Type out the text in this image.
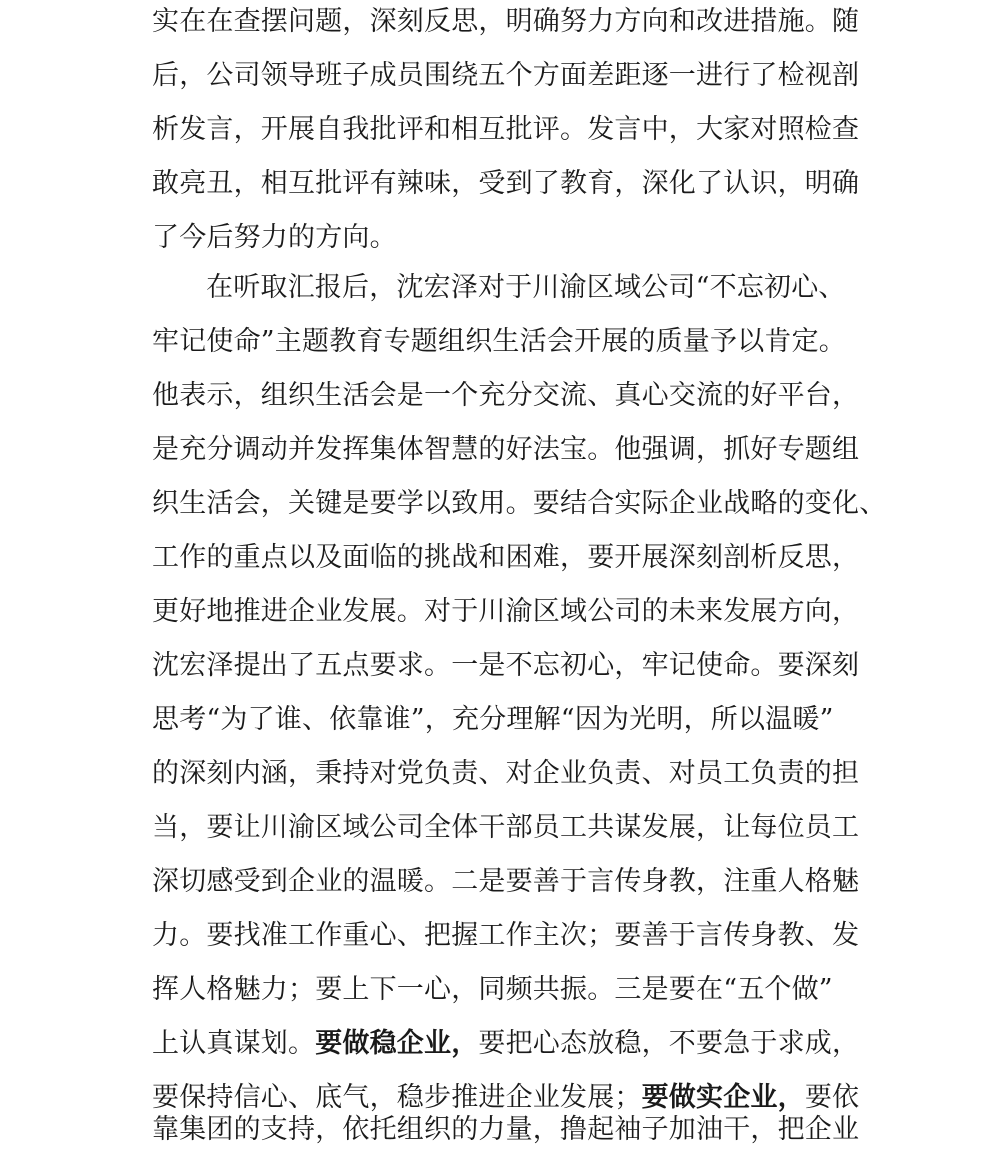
实在在查摆问题，深刻反思，明确努力方向和改进措施。随
后，公司领导班子成员围绕五个方面差距逐一进行了检视剖
析发言，开展自我批评和相互批评。发言中，大家对照检查
敢亮丑，相互批评有辣味，受到了教育，深化了认识，明确
了今后努力的方向。
在听取汇报后，沈宏泽对于川渝区域公司“不忘初心、
牢记使命”主题教育专题组织生活会开展的质量予以肯定。
他表示，组织生活会是一个充分交流、真心交流的好平台，
是充分调动并发挥集体智慧的好法宝。他强调，抓好专题组
织生活会，关键是要学以致用。要结合实际企业战略的变化、
工作的重点以及面临的挑战和困难，要开展深刻剖析反思，
更好地推进企业发展。对于川渝区域公司的未来发展方向，
沈宏泽提出了五点要求。一是不忘初心，牢记使命。要深刻
思考“为了谁、依靠谁”，充分理解“因为光明，所以温暖”
的深刻内涵，秉持对党负责、对企业负责、对员工负责的担
当，要让川渝区域公司全体干部员工共谋发展，让每位员工
深切感受到企业的温暖。二是要善于言传身教，注重人格魅
力。要找准工作重心、把握工作主次；要善于言传身教、发
挥人格魅力；要上下一心，同频共振。三是要在“五个做”
上认真谋划。要做稳企业，要把心态放稳，不要急于求成，
要保持信心、底气，稳步推进企业发展；要做实企业，要依
靠集团的支持，依托组织的力量，撸起袖子加油干，把企业
